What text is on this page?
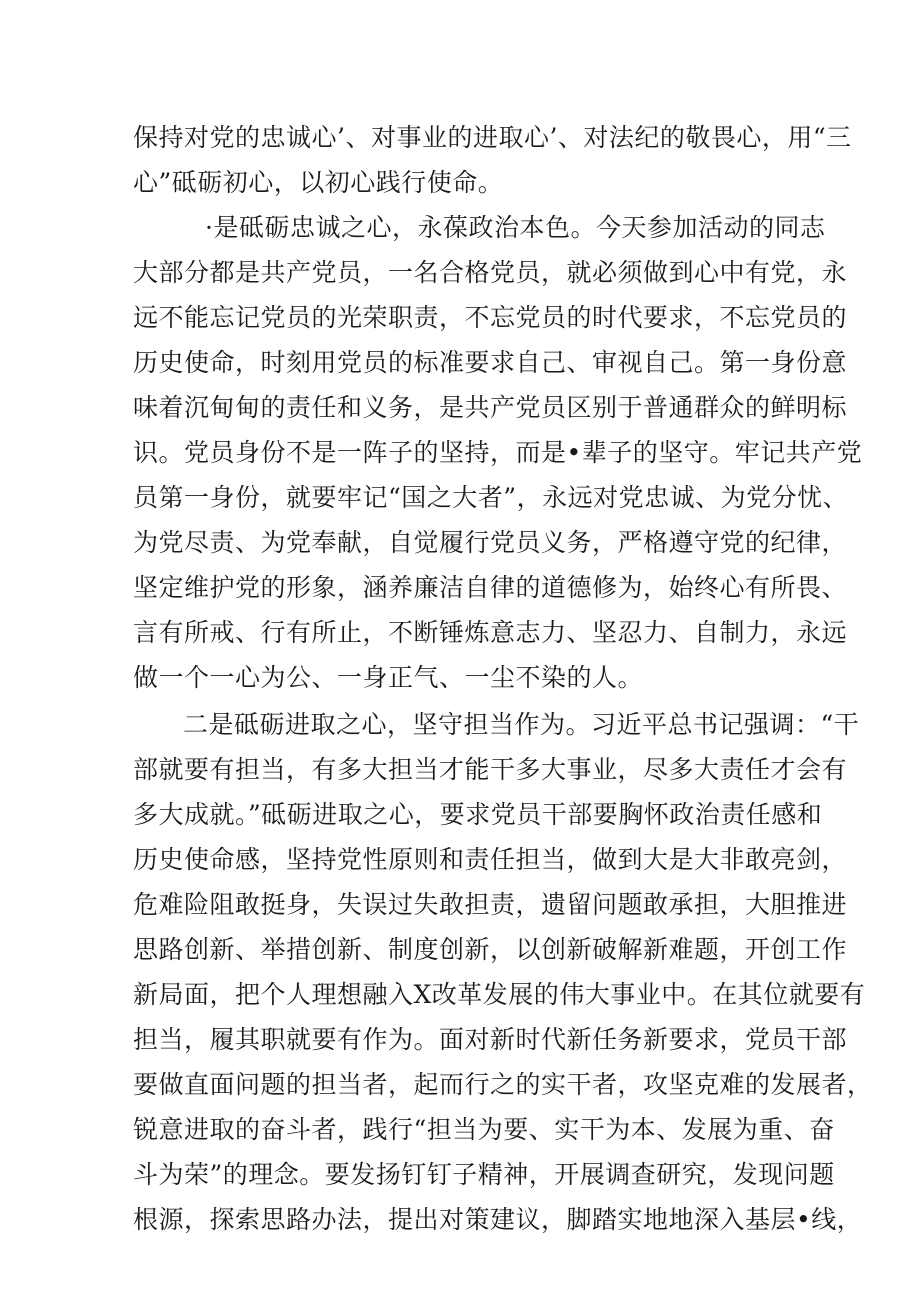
保持对党的忠诚心’、对事业的进取心’、对法纪的敬畏心，用“三
心”砥砺初心，以初心践行使命。
·是砥砺忠诚之心，永葆政治本色。今天参加活动的同志
大部分都是共产党员，一名合格党员，就必须做到心中有党，永
远不能忘记党员的光荣职责，不忘党员的时代要求，不忘党员的
历史使命，时刻用党员的标准要求自己、审视自己。第一身份意
味着沉甸甸的责任和义务，是共产党员区别于普通群众的鲜明标
识。党员身份不是一阵子的坚持，而是•辈子的坚守。牢记共产党
员第一身份，就要牢记“国之大者”，永远对党忠诚、为党分忧、
为党尽责、为党奉献，自觉履行党员义务，严格遵守党的纪律，
坚定维护党的形象，涵养廉洁自律的道德修为，始终心有所畏、
言有所戒、行有所止，不断锤炼意志力、坚忍力、自制力，永远
做一个一心为公、一身正气、一尘不染的人。
二是砥砺进取之心，坚守担当作为。习近平总书记强调：“干
部就要有担当，有多大担当才能干多大事业，尽多大责任才会有
多大成就。”砥砺进取之心，要求党员干部要胸怀政治责任感和
历史使命感，坚持党性原则和责任担当，做到大是大非敢亮剑，
危难险阻敢挺身，失误过失敢担责，遗留问题敢承担，大胆推进
思路创新、举措创新、制度创新，以创新破解新难题，开创工作
新局面，把个人理想融入X改革发展的伟大事业中。在其位就要有
担当，履其职就要有作为。面对新时代新任务新要求，党员干部
要做直面问题的担当者，起而行之的实干者，攻坚克难的发展者，
锐意进取的奋斗者，践行“担当为要、实干为本、发展为重、奋
斗为荣”的理念。要发扬钉钉子精神，开展调查研究，发现问题
根源，探索思路办法，提出对策建议，脚踏实地地深入基层•线，
